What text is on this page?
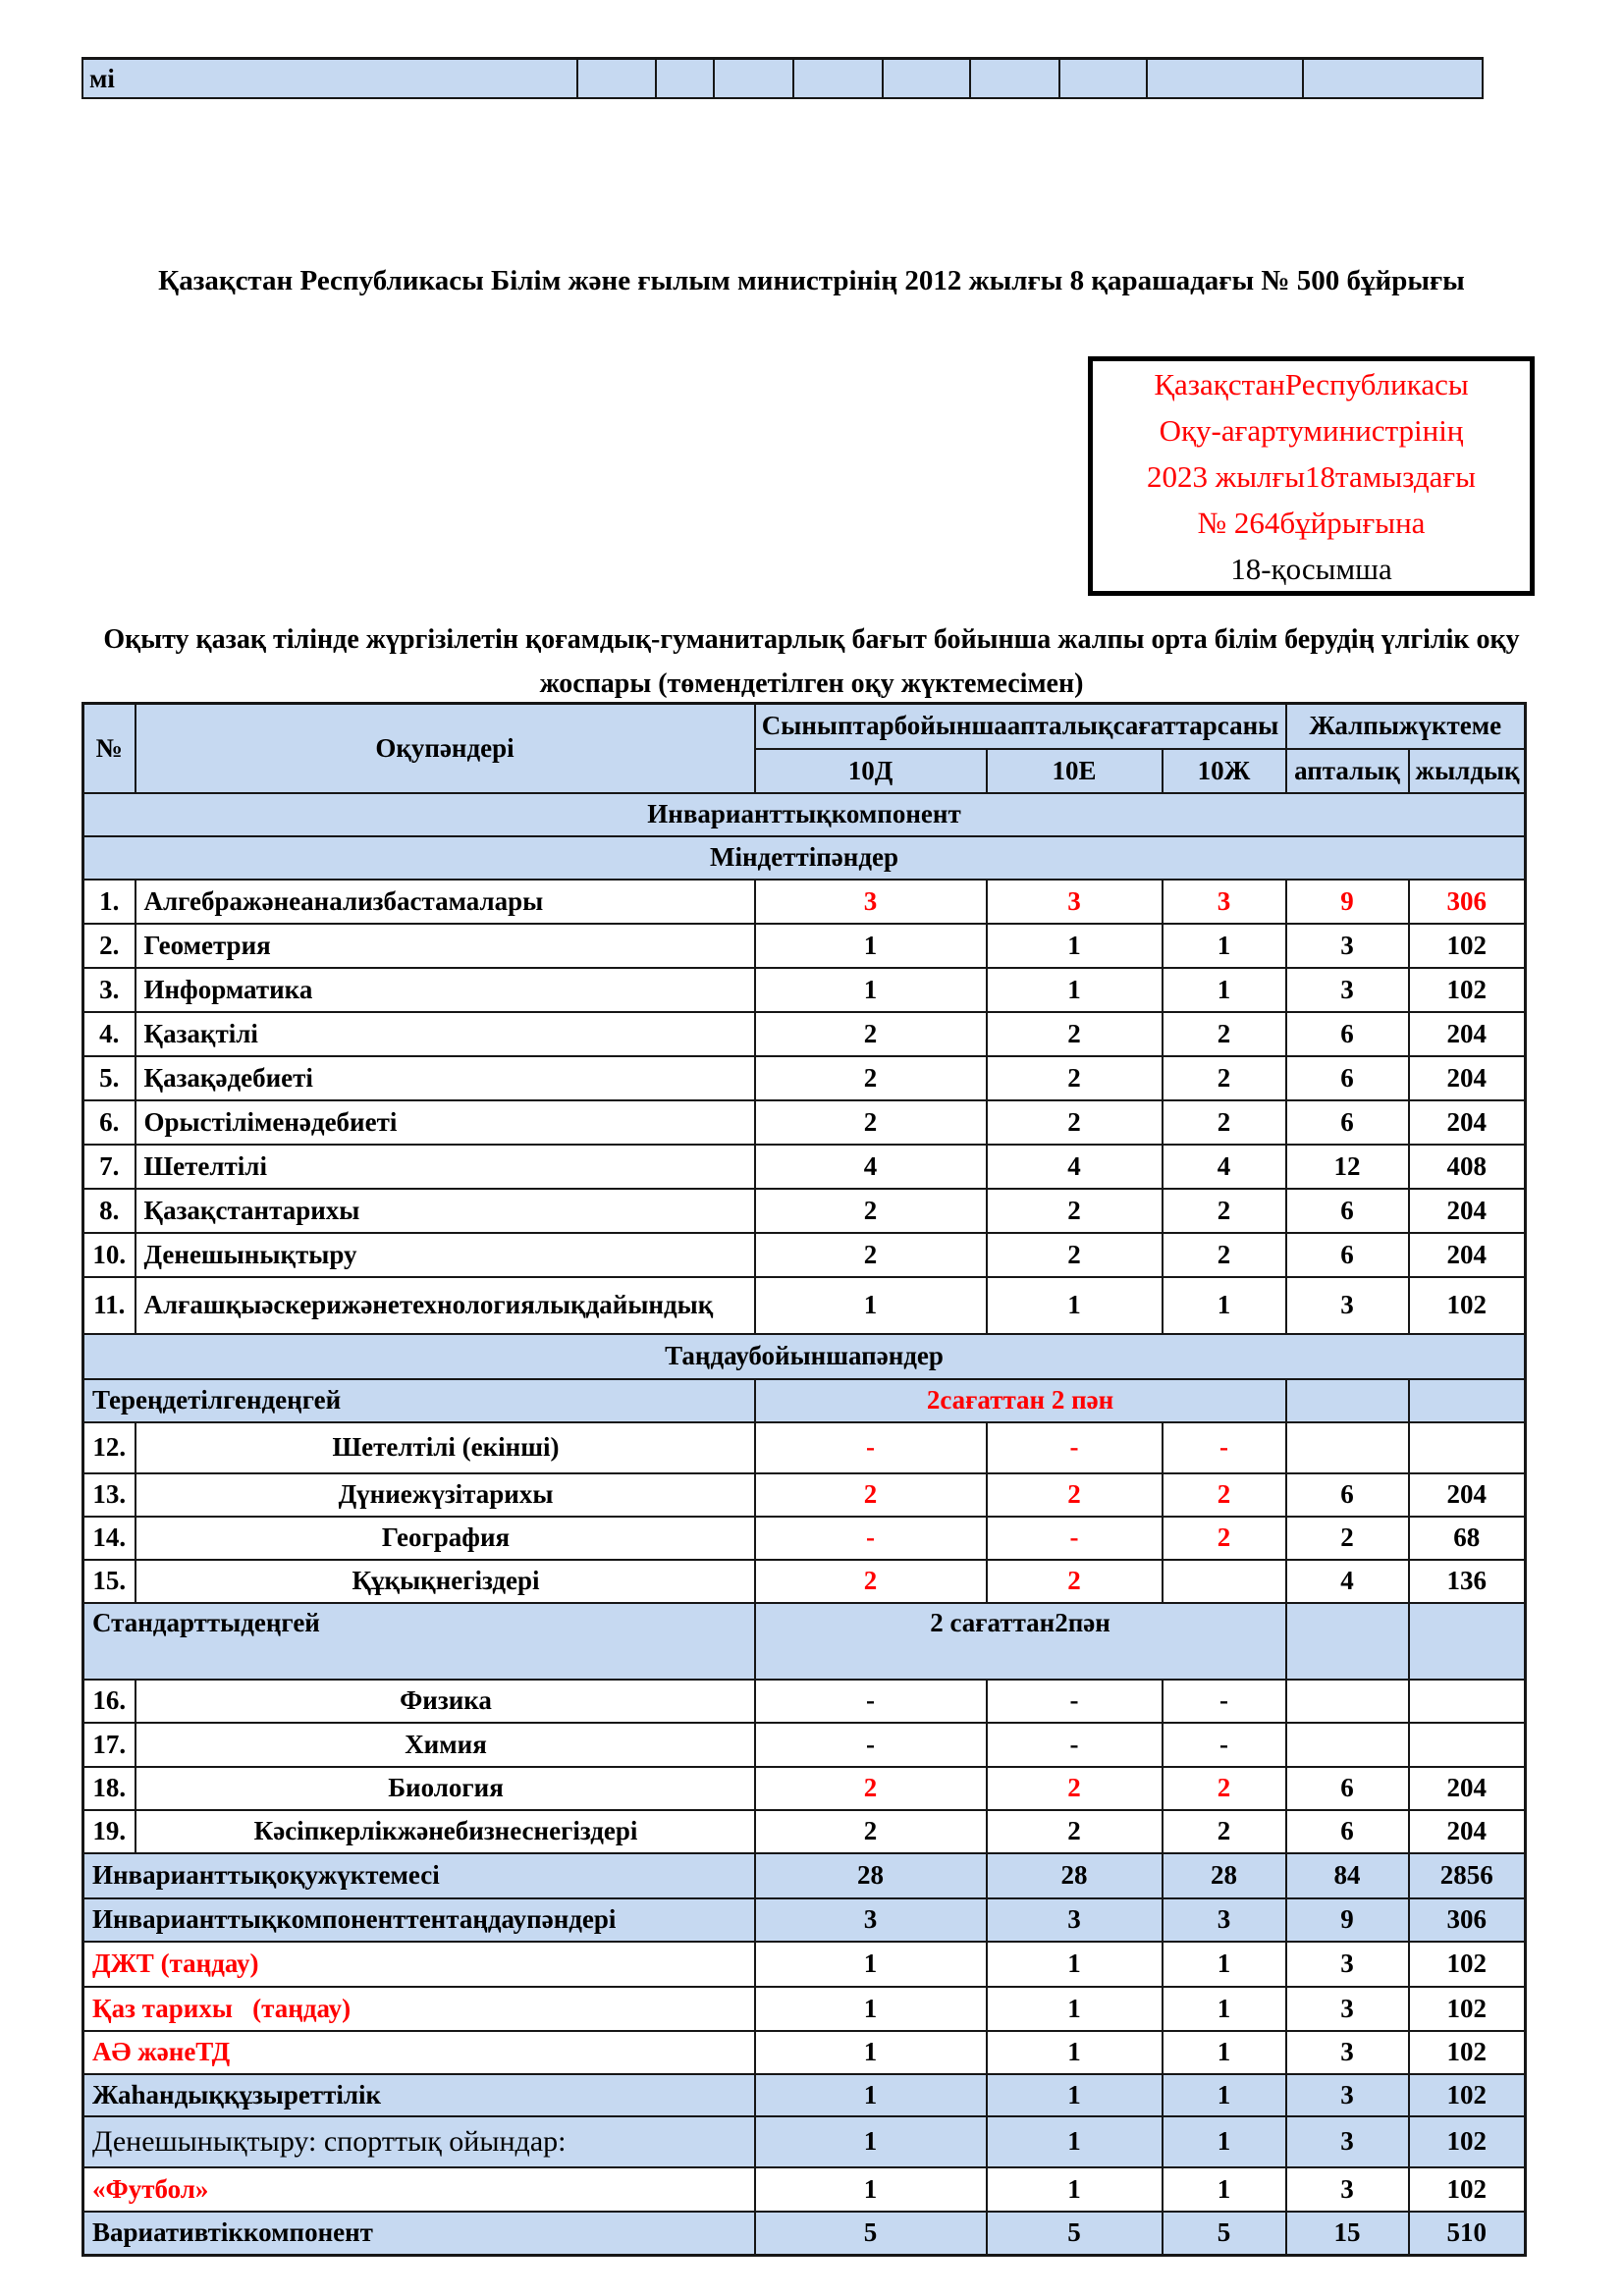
мі									
Қазақстан Республикасы Білім және ғылым министрінің 2012 жылғы 8 қарашадағы № 500 бұйрығы
ҚазақстанРеспубликасы
Оқу-ағартуминистрінің
2023 жылғы18тамыздағы
№ 264бұйрығына
18-қосымша
Оқыту қазақ тілінде жүргізілетін қоғамдық-гуманитарлық бағыт бойынша жалпы орта білім берудің үлгілік оқу жоспары (төмендетілген оқу жүктемесімен)
№	Оқупәндері	Сыныптарбойыншаапталықсағаттарсаны			Жалпыжүктеме	
		10Д	10Е	10Ж	апталық	жылдық
Инварианттықкомпонент						
Міндеттіпәндер						
1.	Алгебражәнеанализбастамалары	3	3	3	9	306
2.	Геометрия	1	1	1	3	102
3.	Информатика	1	1	1	3	102
4.	Қазақтілі	2	2	2	6	204
5.	Қазақәдебиеті	2	2	2	6	204
6.	Орыстіліменәдебиеті	2	2	2	6	204
7.	Шетелтілі	4	4	4	12	408
8.	Қазақстантарихы	2	2	2	6	204
10.	Денешынықтыру	2	2	2	6	204
11.	Алғашқыәскерижәнетехнологиялықдайындық	1	1	1	3	102
Таңдаубойыншапәндер						
Тереңдетілгендеңгей		2сағаттан 2 пән				
12.	Шетелтілі (екінші)	-	-	-		
13.	Дүниежүзітарихы	2	2	2	6	204
14.	География	-	-	2	2	68
15.	Құқықнегіздері	2	2		4	136
Стандарттыдеңгей		2 сағаттан2пән				
16.	Физика	-	-	-		
17.	Химия	-	-	-		
18.	Биология	2	2	2	6	204
19.	Кәсіпкерлікжәнебизнеснегіздері	2	2	2	6	204
Инварианттықоқужүктемесі		28	28	28	84	2856
Инварианттықкомпоненттентаңдаупәндері		3	3	3	9	306
ДЖТ (таңдау)		1	1	1	3	102
Қаз тарихы   (таңдау)		1	1	1	3	102
АӘ жәнеТД		1	1	1	3	102
Жаһандыққұзыреттілік		1	1	1	3	102
Денешынықтыру: спорттық ойындар:		1	1	1	3	102
«Футбол»		1	1	1	3	102
Вариативтіккомпонент		5	5	5	15	510
